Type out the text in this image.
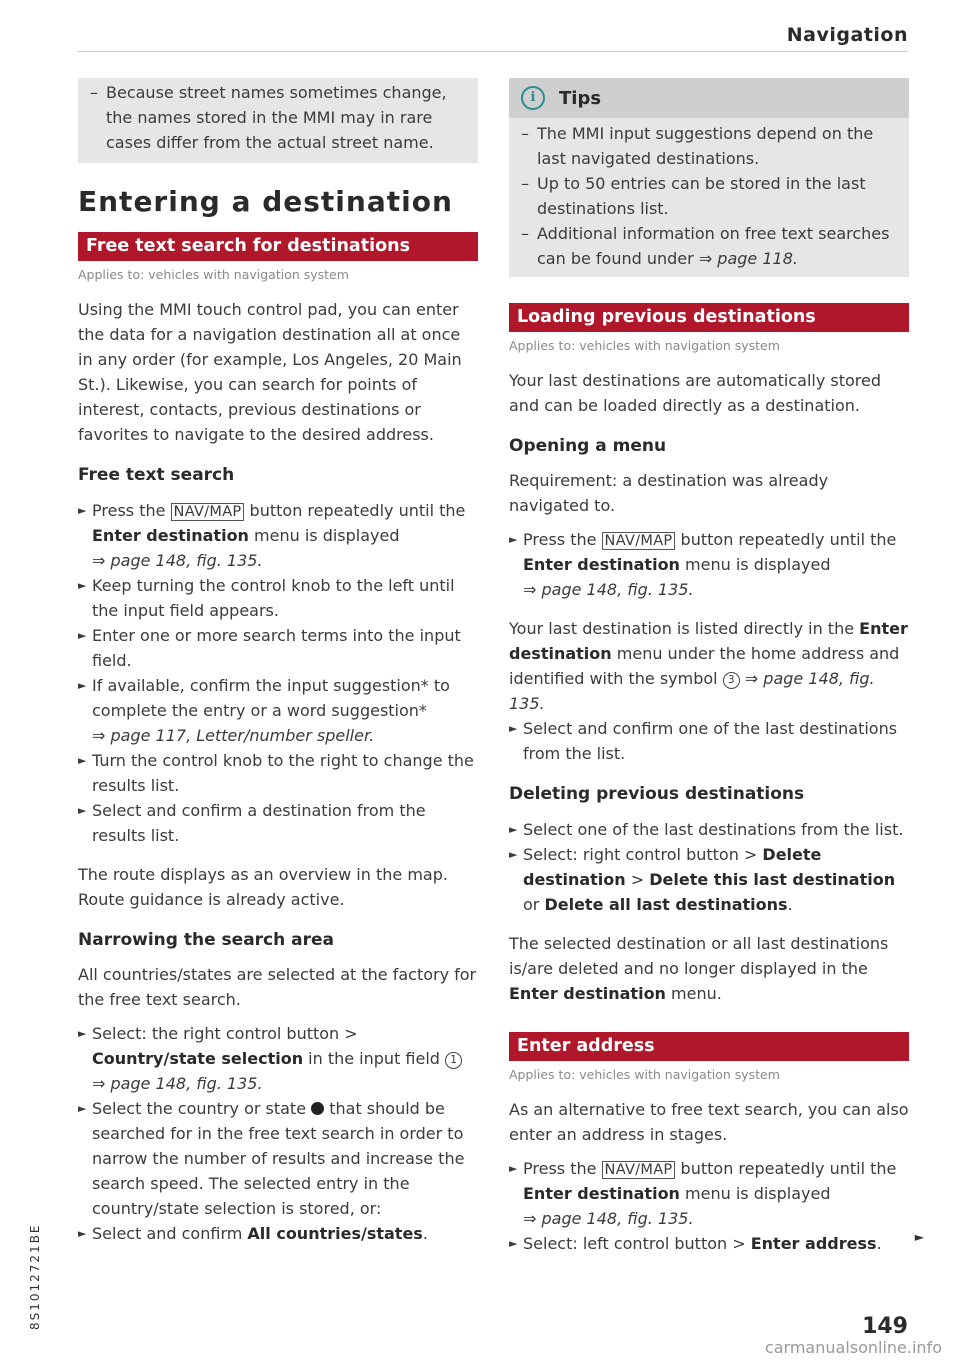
Navigation
– Because street names sometimes change, the names stored in the MMI may in rare cases differ from the actual street name.
Entering a destination
Free text search for destinations
Applies to: vehicles with navigation system
Using the MMI touch control pad, you can enter the data for a navigation destination all at once in any order (for example, Los Angeles, 20 Main St.). Likewise, you can search for points of interest, contacts, previous destinations or favorites to navigate to the desired address.
Free text search
► Press the NAV/MAP button repeatedly until the Enter destination menu is displayed
⇒ page 148, fig. 135.
► Keep turning the control knob to the left until the input field appears.
► Enter one or more search terms into the input field.
► If available, confirm the input suggestion* to complete the entry or a word suggestion*
⇒ page 117, Letter/number speller.
► Turn the control knob to the right to change the results list.
► Select and confirm a destination from the results list.
The route displays as an overview in the map. Route guidance is already active.
Narrowing the search area
All countries/states are selected at the factory for the free text search.
► Select: the right control button > Country/state selection in the input field 1 ⇒ page 148, fig. 135.
► Select the country or state  that should be searched for in the free text search in order to narrow the number of results and increase the search speed. The selected entry in the country/state selection is stored, or:
► Select and confirm All countries/states.
i	Tips
– The MMI input suggestions depend on the last navigated destinations.
– Up to 50 entries can be stored in the last destinations list.
– Additional information on free text searches can be found under ⇒ page 118.
Loading previous destinations
Applies to: vehicles with navigation system
Your last destinations are automatically stored and can be loaded directly as a destination.
Opening a menu
Requirement: a destination was already navigated to.
► Press the NAV/MAP button repeatedly until the Enter destination menu is displayed
⇒ page 148, fig. 135.
Your last destination is listed directly in the Enter destination menu under the home address and identified with the symbol 3 ⇒ page 148, fig. 135.
► Select and confirm one of the last destinations from the list.
Deleting previous destinations
► Select one of the last destinations from the list.
► Select: right control button > Delete destination > Delete this last destination or Delete all last destinations.
The selected destination or all last destinations is/are deleted and no longer displayed in the Enter destination menu.
Enter address
Applies to: vehicles with navigation system
As an alternative to free text search, you can also enter an address in stages.
► Press the NAV/MAP button repeatedly until the Enter destination menu is displayed
⇒ page 148, fig. 135.
► Select: left control button > Enter address.	►
149
8S1012721BE
carmanualsonline.info
